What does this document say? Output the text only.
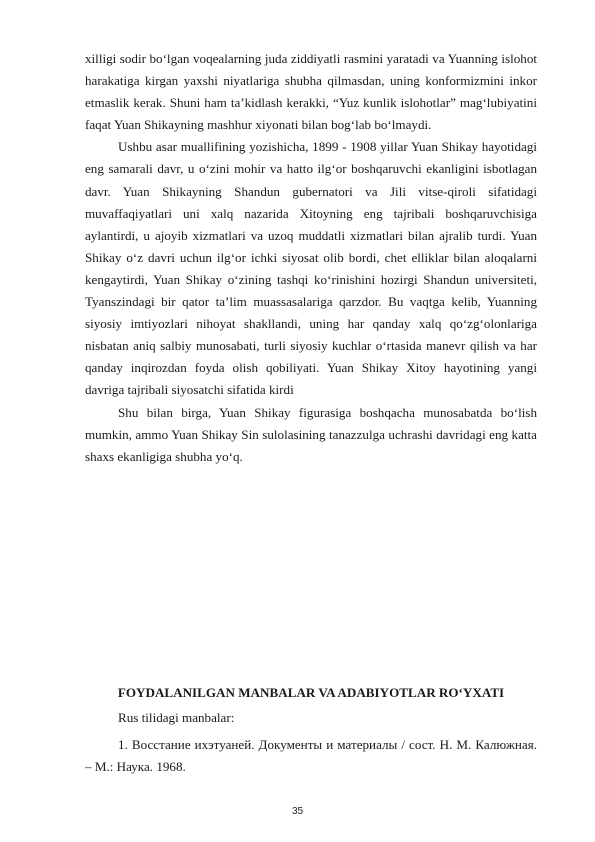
xilligi sodir bo‘lgan voqealarning juda ziddiyatli rasmini yaratadi va Yuanning islohot harakatiga kirgan yaxshi niyatlariga shubha qilmasdan, uning konformizmini inkor etmaslik kerak. Shuni ham ta’kidlash kerakki, “Yuz kunlik islohotlar” mag‘lubiyatini faqat Yuan Shikayning mashhur xiyonati bilan bog‘lab bo‘lmaydi.

Ushbu asar muallifining yozishicha, 1899 - 1908 yillar Yuan Shikay hayotidagi eng samarali davr, u o‘zini mohir va hatto ilg‘or boshqaruvchi ekanligini isbotlagan davr. Yuan Shikayning Shandun gubernatori va Jili vitse-qiroli sifatidagi muvaffaqiyatlari uni xalq nazarida Xitoyning eng tajribali boshqaruvchisiga aylantirdi, u ajoyib xizmatlari va uzoq muddatli xizmatlari bilan ajralib turdi. Yuan Shikay o‘z davri uchun ilg‘or ichki siyosat olib bordi, chet elliklar bilan aloqalarni kengaytirdi, Yuan Shikay o‘zining tashqi ko‘rinishini hozirgi Shandun universiteti, Tyanszindagi bir qator ta’lim muassasalariga qarzdor. Bu vaqtga kelib, Yuanning siyosiy imtiyozlari nihoyat shakllandi, uning har qanday xalq qo‘zg‘olonlariga nisbatan aniq salbiy munosabati, turli siyosiy kuchlar o‘rtasida manevr qilish va har qanday inqirozdan foyda olish qobiliyati. Yuan Shikay Xitoy hayotining yangi davriga tajribali siyosatchi sifatida kirdi

Shu bilan birga, Yuan Shikay figurasiga boshqacha munosabatda bo‘lish mumkin, ammo Yuan Shikay Sin sulolasining tanazzulga uchrashi davridagi eng katta shaxs ekanligiga shubha yo‘q.

FOYDALANILGAN MANBALAR VA ADABIYOTLAR RO‘YXATI
Rus tilidagi manbalar:

1. Восстание ихэтуаней. Документы и материалы / сост. Н. М. Калюжная. – М.: Наука. 1968.

35
